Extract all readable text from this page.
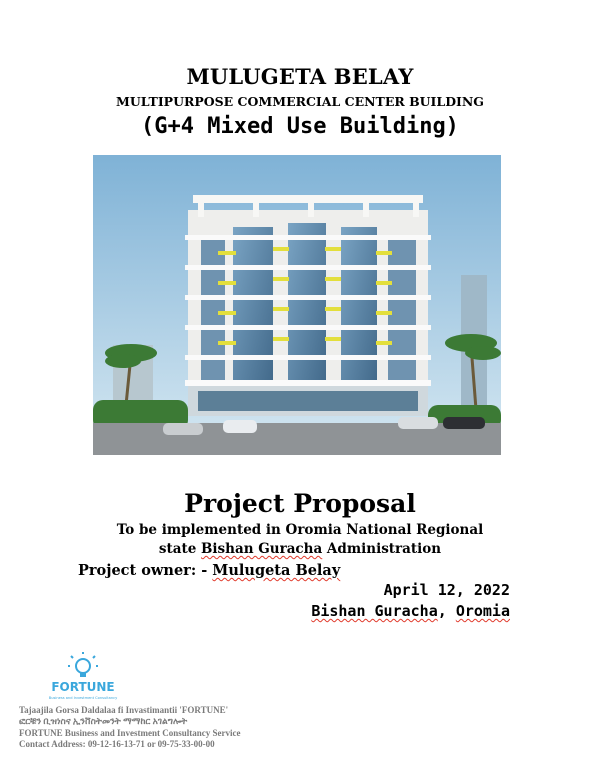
MULUGETA BELAY
MULTIPURPOSE COMMERCIAL CENTER BUILDING
(G+4 Mixed Use Building)
Project Proposal
To be implemented in Oromia National Regional
state Bishan Guracha Administration
Project owner: - Mulugeta Belay
April 12, 2022
Bishan Guracha, Oromia
FORTUNE
Business and Investment Consultancy
Tajaajila Gorsa Daldalaa fi Invastimantii 'FORTUNE'
ፎርቹን ቢዝነስና ኢንቨስትመንት ማማከር አገልግሎት
FORTUNE Business and Investment Consultancy Service
Contact Address: 09-12-16-13-71 or 09-75-33-00-00
